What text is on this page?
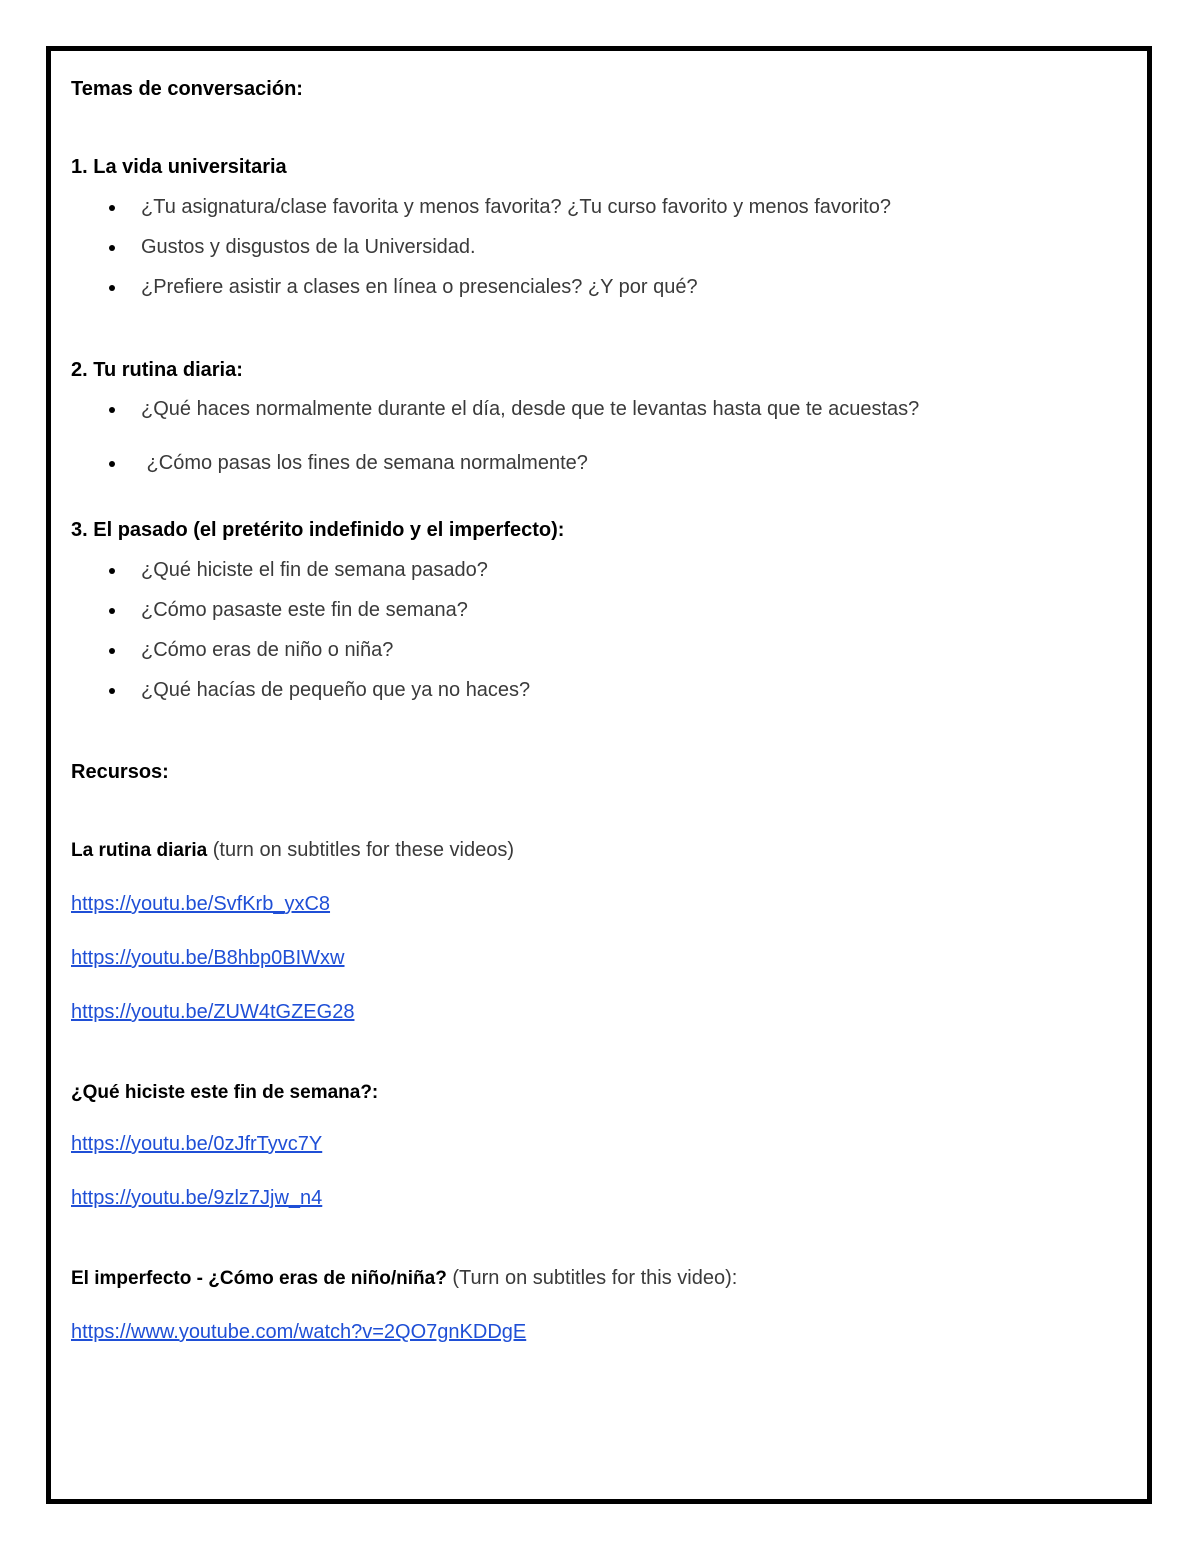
Temas de conversación:
1. La vida universitaria
¿Tu asignatura/clase favorita y menos favorita? ¿Tu curso favorito y menos favorito?
Gustos y disgustos de la Universidad.
¿Prefiere asistir a clases en línea o presenciales? ¿Y por qué?
2. Tu rutina diaria:
¿Qué haces normalmente durante el día, desde que te levantas hasta que te acuestas?
¿Cómo pasas los fines de semana normalmente?
3. El pasado (el pretérito indefinido y el imperfecto):
¿Qué hiciste el fin de semana pasado?
¿Cómo pasaste este fin de semana?
¿Cómo eras de niño o niña?
¿Qué hacías de pequeño que ya no haces?
Recursos:
La rutina diaria (turn on subtitles for these videos)
https://youtu.be/SvfKrb_yxC8
https://youtu.be/B8hbp0BIWxw
https://youtu.be/ZUW4tGZEG28
¿Qué hiciste este fin de semana?:
https://youtu.be/0zJfrTyvc7Y
https://youtu.be/9zlz7Jjw_n4
El imperfecto - ¿Cómo eras de niño/niña? (Turn on subtitles for this video):
https://www.youtube.com/watch?v=2QO7gnKDDgE
